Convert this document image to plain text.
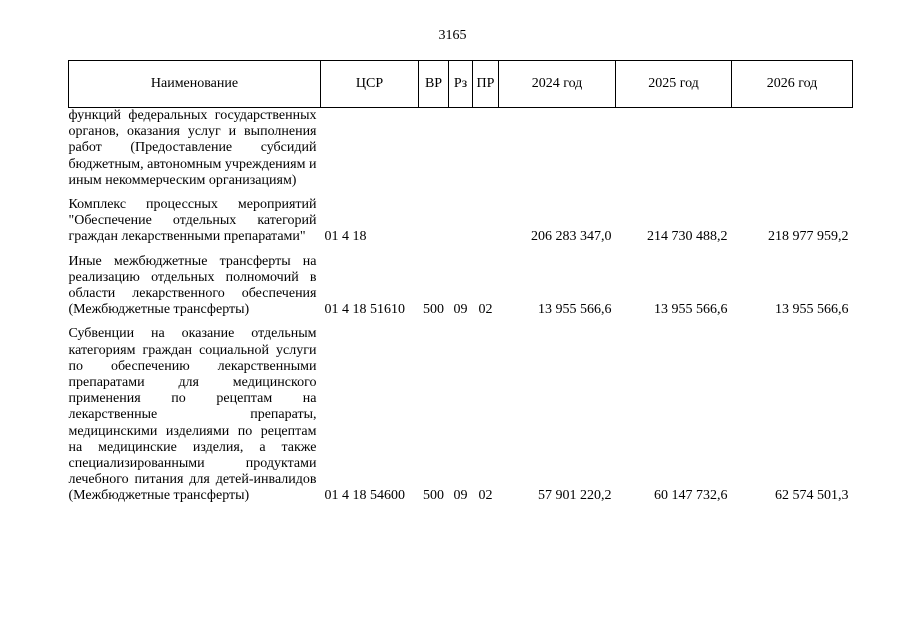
3165
Наименование	ЦСР	ВР	Рз	ПР	2024 год	2025 год	2026 год
функций федеральных государственных органов, оказания услуг и выполнения работ (Предоставление субсидий бюджетным, автономным учреждениям и иным некоммерческим организациям)							

Комплекс процессных мероприятий "Обеспечение отдельных категорий граждан лекарственными препаратами"	01 4 18				206 283 347,0	214 730 488,2	218 977 959,2

Иные межбюджетные трансферты на реализацию отдельных полномочий в области лекарственного обеспечения (Межбюджетные трансферты)	01 4 18 51610	500	09	02	13 955 566,6	13 955 566,6	13 955 566,6

Субвенции на оказание отдельным категориям граждан социальной услуги по обеспечению лекарственными препаратами для медицинского применения по рецептам на лекарственные препараты, медицинскими изделиями по рецептам на медицинские изделия, а также специализированными продуктами лечебного питания для детей-инвалидов (Межбюджетные трансферты)	01 4 18 54600	500	09	02	57 901 220,2	60 147 732,6	62 574 501,3
